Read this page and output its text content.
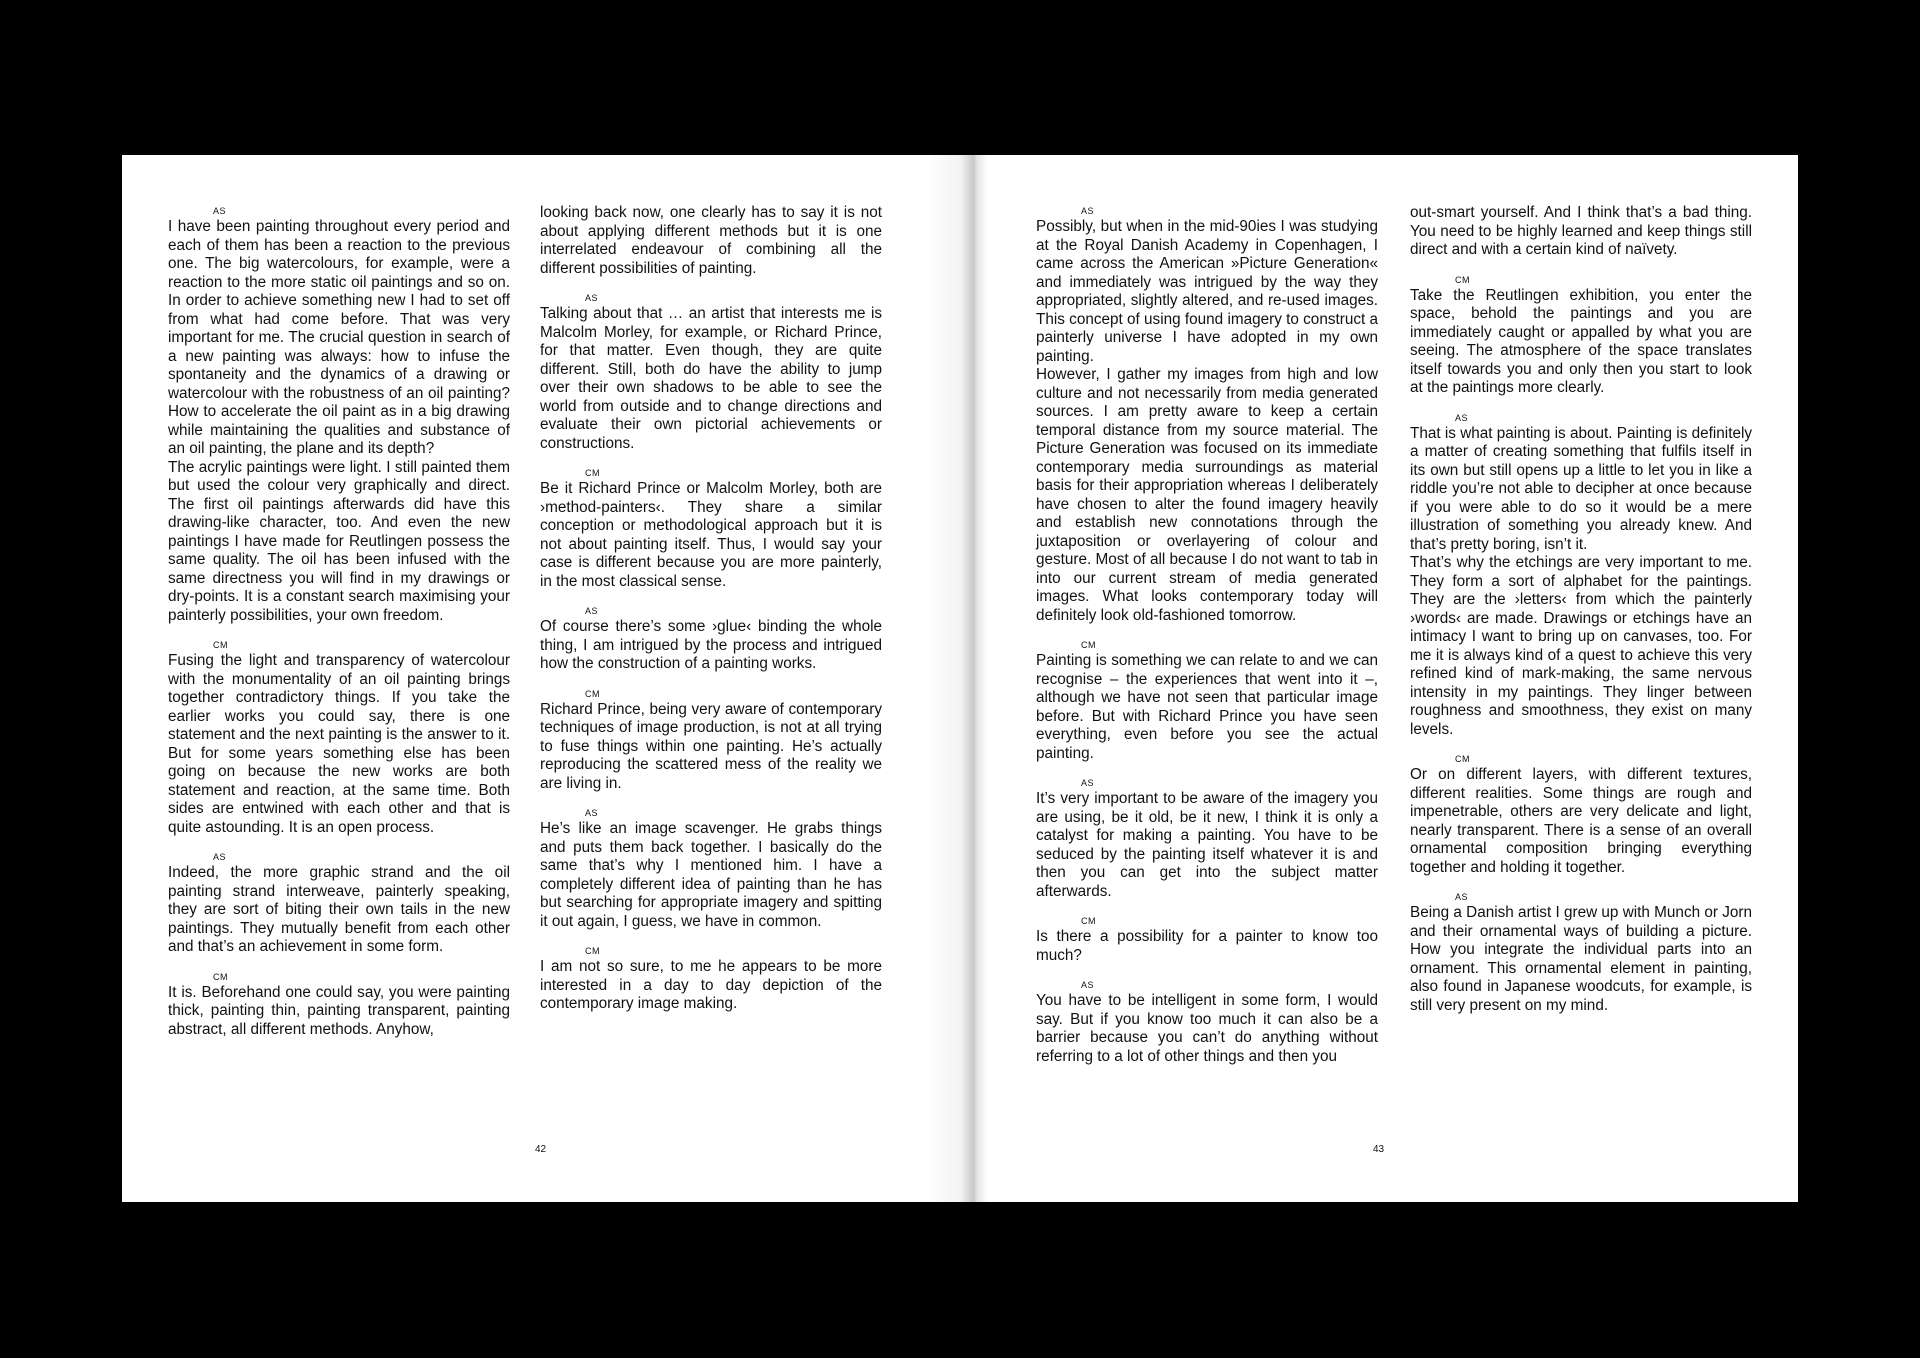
AS

I have been painting throughout every period and each of them has been a reaction to the previous one. The big watercolours, for example, were a reaction to the more static oil paintings and so on. In order to achieve something new I had to set off from what had come before. That was very important for me. The crucial question in search of a new painting was always: how to infuse the spontaneity and the dynamics of a drawing or watercolour with the robustness of an oil painting? How to accelerate the oil paint as in a big drawing while maintaining the qualities and substance of an oil painting, the plane and its depth?

The acrylic paintings were light. I still painted them but used the colour very graphically and direct. The first oil paintings afterwards did have this drawing-like character, too. And even the new paintings I have made for Reutlingen possess the same quality. The oil has been infused with the same directness you will find in my drawings or dry-points. It is a constant search maximising your painterly possibilities, your own freedom.

CM

Fusing the light and transparency of watercolour with the monumentality of an oil painting brings together contradictory things. If you take the earlier works you could say, there is one statement and the next painting is the answer to it. But for some years something else has been going on because the new works are both statement and reaction, at the same time. Both sides are entwined with each other and that is quite astounding. It is an open process.

AS

Indeed, the more graphic strand and the oil painting strand interweave, painterly speaking, they are sort of biting their own tails in the new paintings. They mutually benefit from each other and that’s an achievement in some form.

CM

It is. Beforehand one could say, you were painting thick, painting thin, painting transparent, painting abstract, all different methods. Anyhow,

looking back now, one clearly has to say it is not about applying different methods but it is one interrelated endeavour of combining all the different possibilities of painting.

AS

Talking about that … an artist that interests me is Malcolm Morley, for example, or Richard Prince, for that matter. Even though, they are quite different. Still, both do have the ability to jump over their own shadows to be able to see the world from outside and to change directions and evaluate their own pictorial achievements or constructions.

CM

Be it Richard Prince or Malcolm Morley, both are ›method-painters‹. They share a similar conception or methodological approach but it is not about painting itself. Thus, I would say your case is different because you are more painterly, in the most classical sense.

AS

Of course there’s some ›glue‹ binding the whole thing, I am intrigued by the process and intrigued how the construction of a painting works.

CM

Richard Prince, being very aware of contemporary techniques of image production, is not at all trying to fuse things within one painting. He’s actually reproducing the scattered mess of the reality we are living in.

AS

He’s like an image scavenger. He grabs things and puts them back together. I basically do the same that’s why I mentioned him. I have a completely different idea of painting than he has but searching for appropriate imagery and spitting it out again, I guess, we have in common.

CM

I am not so sure, to me he appears to be more interested in a day to day depiction of the contemporary image making.

AS

Possibly, but when in the mid-90ies I was studying at the Royal Danish Academy in Copenhagen, I came across the American »Picture Generation« and immediately was intrigued by the way they appropriated, slightly altered, and re-used images. This concept of using found imagery to construct a painterly universe I have adopted in my own painting.

However, I gather my images from high and low culture and not necessarily from media generated sources. I am pretty aware to keep a certain temporal distance from my source material. The Picture Generation was focused on its immediate contemporary media surroundings as material basis for their appropriation whereas I deliberately have chosen to alter the found imagery heavily and establish new connotations through the juxtaposition or overlayering of colour and gesture. Most of all because I do not want to tab in into our current stream of media generated images. What looks contemporary today will definitely look old-fashioned tomorrow.

CM

Painting is something we can relate to and we can recognise – the experiences that went into it –, although we have not seen that particular image before. But with Richard Prince you have seen everything, even before you see the actual painting.

AS

It’s very important to be aware of the imagery you are using, be it old, be it new, I think it is only a catalyst for making a painting. You have to be seduced by the painting itself whatever it is and then you can get into the subject matter afterwards.

CM

Is there a possibility for a painter to know too much?

AS

You have to be intelligent in some form, I would say. But if you know too much it can also be a barrier because you can’t do anything without referring to a lot of other things and then you

out-smart yourself. And I think that’s a bad thing. You need to be highly learned and keep things still direct and with a certain kind of naïvety.

CM

Take the Reutlingen exhibition, you enter the space, behold the paintings and you are immediately caught or appalled by what you are seeing. The atmosphere of the space translates itself towards you and only then you start to look at the paintings more clearly.

AS

That is what painting is about. Painting is definitely a matter of creating something that fulfils itself in its own but still opens up a little to let you in like a riddle you’re not able to decipher at once because if you were able to do so it would be a mere illustration of something you already knew. And that’s pretty boring, isn’t it.

That’s why the etchings are very important to me. They form a sort of alphabet for the paintings. They are the ›letters‹ from which the painterly ›words‹ are made. Drawings or etchings have an intimacy I want to bring up on canvases, too. For me it is always kind of a quest to achieve this very refined kind of mark-making, the same nervous intensity in my paintings. They linger between roughness and smoothness, they exist on many levels.

CM

Or on different layers, with different textures, different realities. Some things are rough and impenetrable, others are very delicate and light, nearly transparent. There is a sense of an overall ornamental composition bringing everything together and holding it together.

AS

Being a Danish artist I grew up with Munch or Jorn and their ornamental ways of building a picture. How you integrate the individual parts into an ornament. This ornamental element in painting, also found in Japanese woodcuts, for example, is still very present on my mind.

42	43
